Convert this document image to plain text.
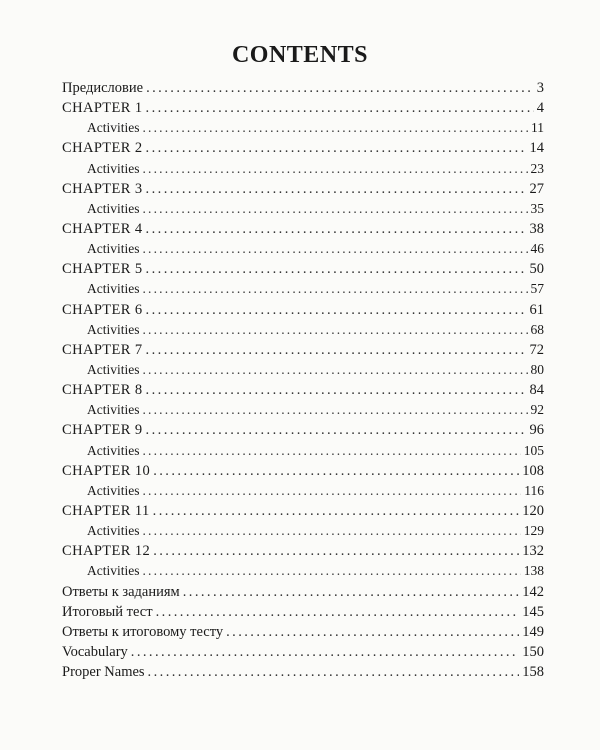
CONTENTS
Предисловие . . .	3
CHAPTER 1 . . .	4
Activities . . .	11
CHAPTER 2 . . .	14
Activities . . .	23
CHAPTER 3 . . .	27
Activities . . .	35
CHAPTER 4 . . .	38
Activities . . .	46
CHAPTER 5 . . .	50
Activities . . .	57
CHAPTER 6 . . .	61
Activities . . .	68
CHAPTER 7 . . .	72
Activities . . .	80
CHAPTER 8 . . .	84
Activities . . .	92
CHAPTER 9 . . .	96
Activities . . .	105
CHAPTER 10 . . .	108
Activities . . .	116
CHAPTER 11 . . .	120
Activities . . .	129
CHAPTER 12 . . .	132
Activities . . .	138
Ответы к заданиям . . .	142
Итоговый тест . . .	145
Ответы к итоговому тесту . . .	149
Vocabulary . . .	150
Proper Names . . .	158
